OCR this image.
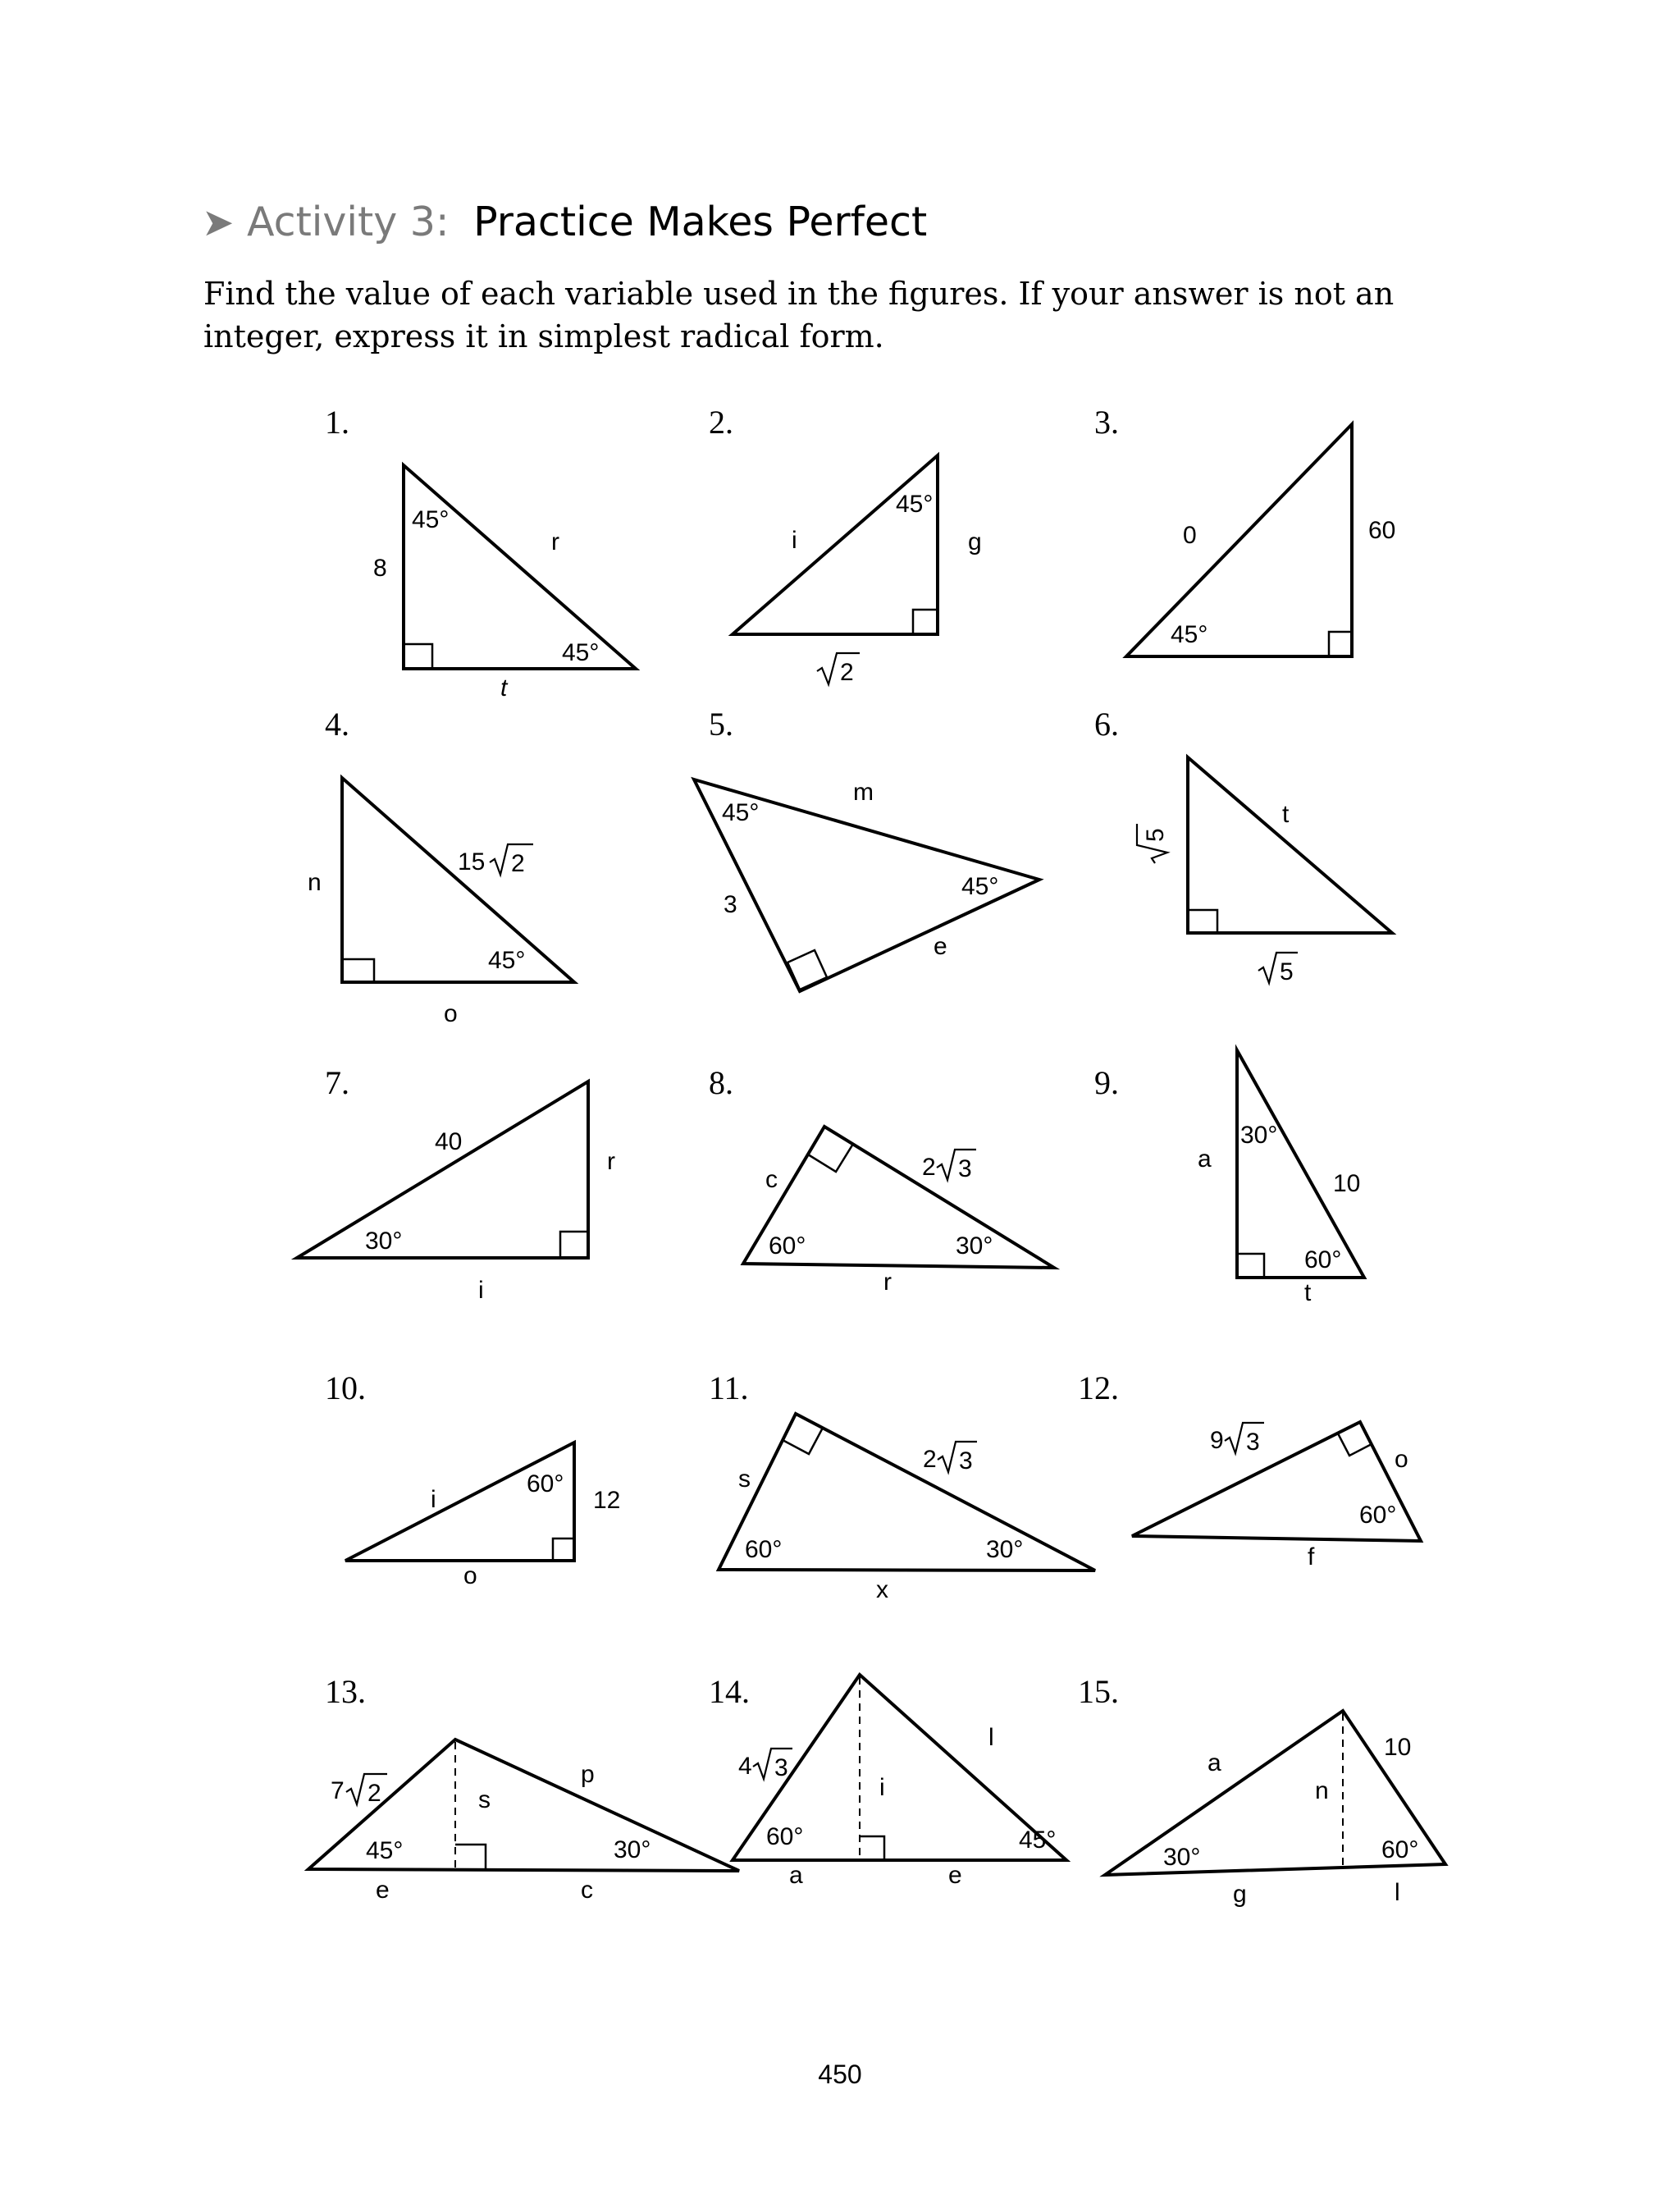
➤ Activity 3: Practice Makes Perfect
Find the value of each variable used in the figures. If your answer is not an integer, express it in simplest radical form.
1.
45°
r
8
45°
t
2.
45°
i	g
2
3.
0	60
45°
4.
n
15 2
45°
o
5.
m
45°
3
45°
e
6.
5
t
5
7.
40
r
30°
i
8.
c	2 3
60°	30°
r
9.
30°
a
10
60°
t
10.
i
60°
12
o
11.
2 3
s
60°	30°
x
12.
9 3
o
60°
f
13.
7 2
p
s
45°	30°
e	c
14.
l
4 3
i
60°	45°
a	e
15.
10
a
n
30°	60°
g	l
450
